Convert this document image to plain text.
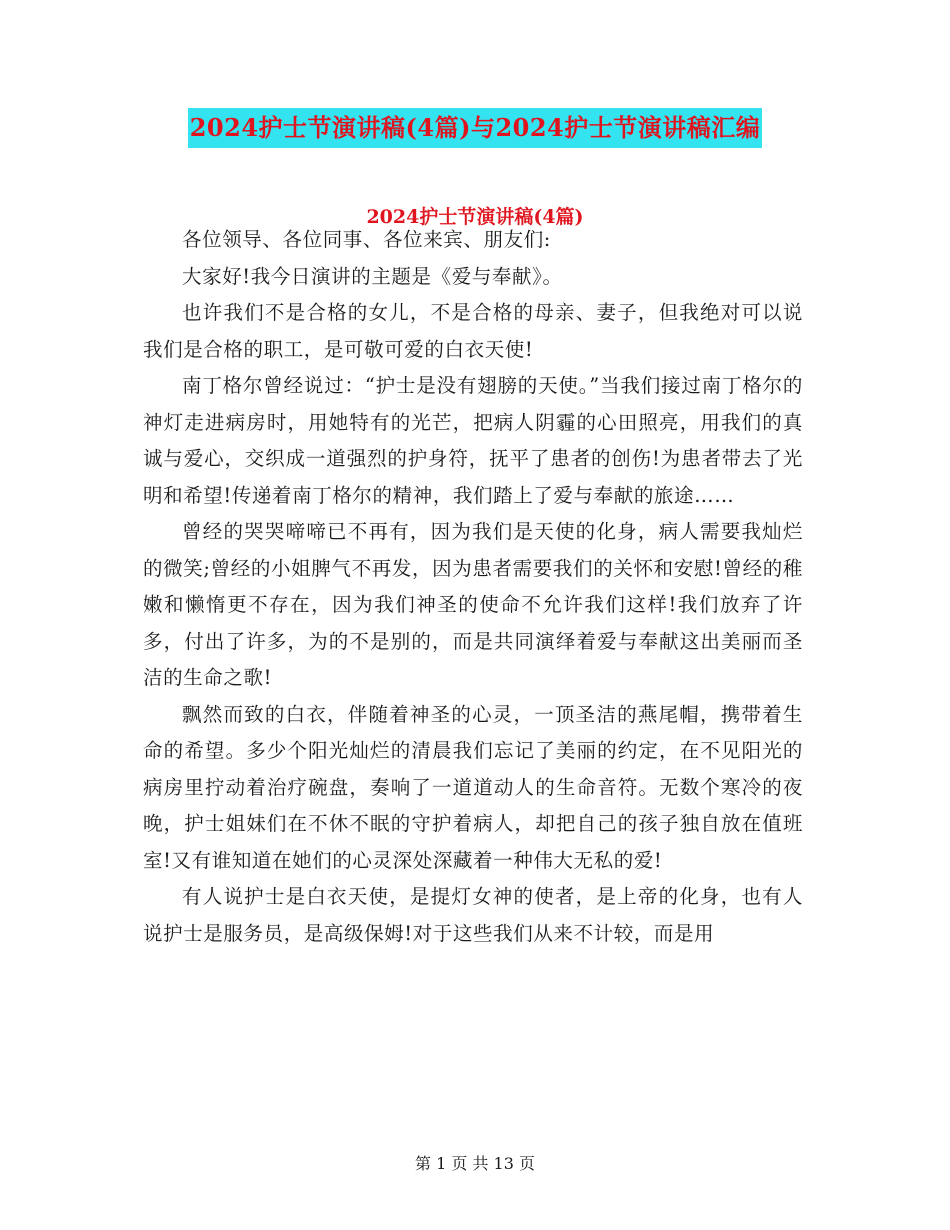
2024护士节演讲稿(4篇)与2024护士节演讲稿汇编
2024护士节演讲稿(4篇)

各位领导、各位同事、各位来宾、朋友们:

大家好!我今日演讲的主题是《爱与奉献》。

也许我们不是合格的女儿，不是合格的母亲、妻子，但我绝对可以说我们是合格的职工，是可敬可爱的白衣天使!

南丁格尔曾经说过：“护士是没有翅膀的天使。”当我们接过南丁格尔的神灯走进病房时，用她特有的光芒，把病人阴霾的心田照亮，用我们的真诚与爱心，交织成一道强烈的护身符，抚平了患者的创伤!为患者带去了光明和希望!传递着南丁格尔的精神，我们踏上了爱与奉献的旅途……

曾经的哭哭啼啼已不再有，因为我们是天使的化身，病人需要我灿烂的微笑;曾经的小姐脾气不再发，因为患者需要我们的关怀和安慰!曾经的稚嫩和懒惰更不存在，因为我们神圣的使命不允许我们这样!我们放弃了许多，付出了许多，为的不是别的，而是共同演绎着爱与奉献这出美丽而圣洁的生命之歌!

飘然而致的白衣，伴随着神圣的心灵，一顶圣洁的燕尾帽，携带着生命的希望。多少个阳光灿烂的清晨我们忘记了美丽的约定，在不见阳光的病房里拧动着治疗碗盘，奏响了一道道动人的生命音符。无数个寒冷的夜晚，护士姐妹们在不休不眠的守护着病人，却把自己的孩子独自放在值班室!又有谁知道在她们的心灵深处深藏着一种伟大无私的爱!

有人说护士是白衣天使，是提灯女神的使者，是上帝的化身，也有人说护士是服务员，是高级保姆!对于这些我们从来不计较，而是用

第 1 页 共 13 页
